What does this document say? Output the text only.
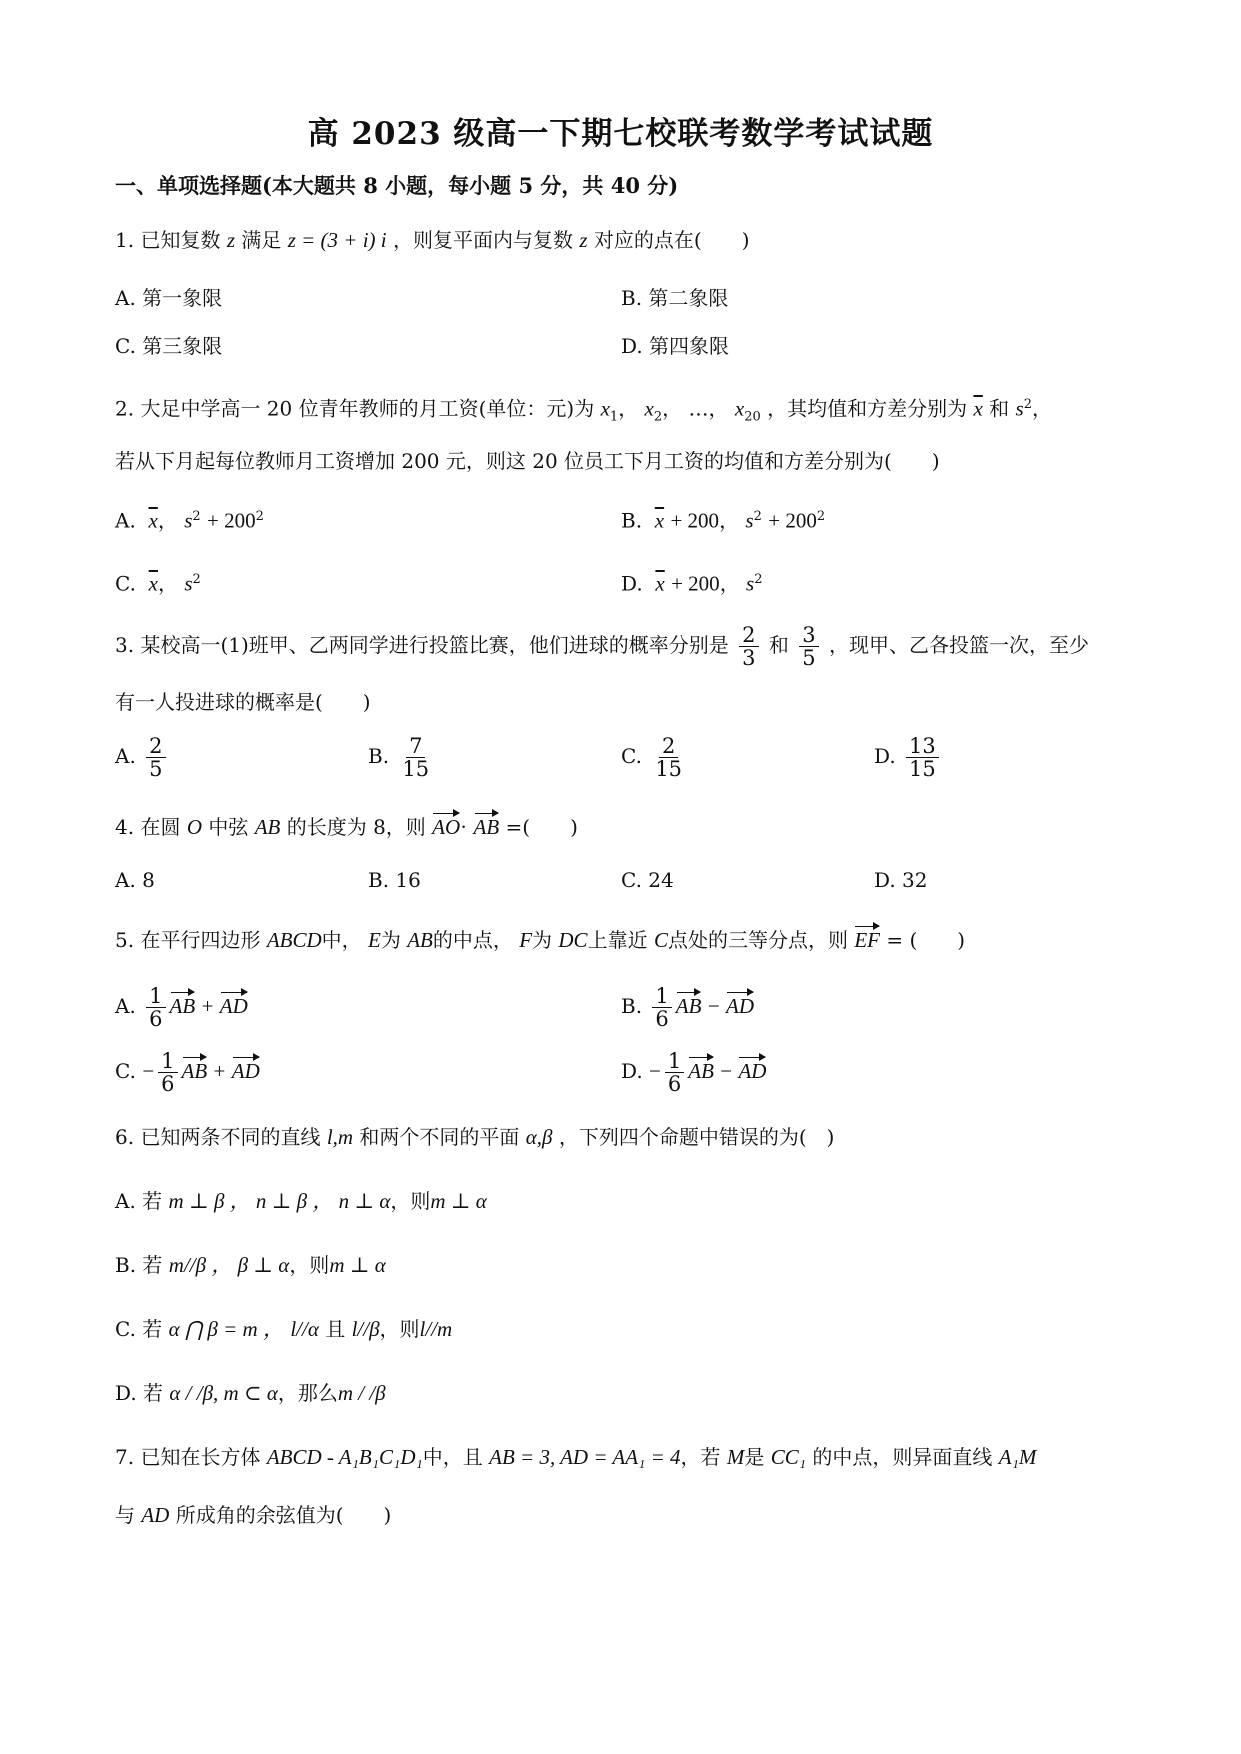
高 2023 级高一下期七校联考数学考试试题
一、单项选择题(本大题共 8 小题，每小题 5 分，共 40 分)
1. 已知复数 z 满足 z = (3 + i) i ，则复平面内与复数 z 对应的点在(　　)
A. 第一象限	B. 第二象限
C. 第三象限	D. 第四象限
2. 大足中学高一 20 位青年教师的月工资(单位：元)为 $x_1$， $x_2$， …， $x_{20}$ ，其均值和方差分别为 $\overline{x}$ 和 $s^2$，
若从下月起每位教师月工资增加 200 元，则这 20 位员工下月工资的均值和方差分别为(　　)
A. $\overline{x}$， $s^2 + 200^2$	B. $\overline{x} + 200$， $s^2 + 200^2$
C. $\overline{x}$， $s^2$	D. $\overline{x} + 200$， $s^2$
3. 某校高一(1)班甲、乙两同学进行投篮比赛，他们进球的概率分别是 $\frac{2}{3}$ 和 $\frac{3}{5}$ ，现甲、乙各投篮一次，至少
有一人投进球的概率是(　　)
A. $\frac{2}{5}$	B. $\frac{7}{15}$	C. $\frac{2}{15}$	D. $\frac{13}{15}$
4. 在圆 O 中弦 AB 的长度为 8，则 AO· AB =(　　)
A. 8	B. 16	C. 24	D. 32
5. 在平行四边形 ABCD中， E为 AB的中点， F为 DC上靠近 C点处的三等分点，则 EF = (　　)
A. $\frac{1}{6}$ AB + AD	B. $\frac{1}{6}$ AB − AD
C. − $\frac{1}{6}$ AB + AD	D. − $\frac{1}{6}$ AB − AD
6. 已知两条不同的直线 l,m 和两个不同的平面 α,β ，下列四个命题中错误的为(　)
A. 若 m ⊥ β ， n ⊥ β ， n ⊥ α，则m ⊥ α
B. 若 m//β ， β ⊥ α，则m ⊥ α
C. 若 α ⋂ β = m ， l//α 且 l//β，则l//m
D. 若 α / /β, m ⊂ α，那么m / /β
7. 已知在长方体 ABCD - A₁B₁C₁D₁中，且 AB = 3, AD = AA₁ = 4，若 M是 CC₁ 的中点，则异面直线 A₁M
与 AD 所成角的余弦值为(　　)
